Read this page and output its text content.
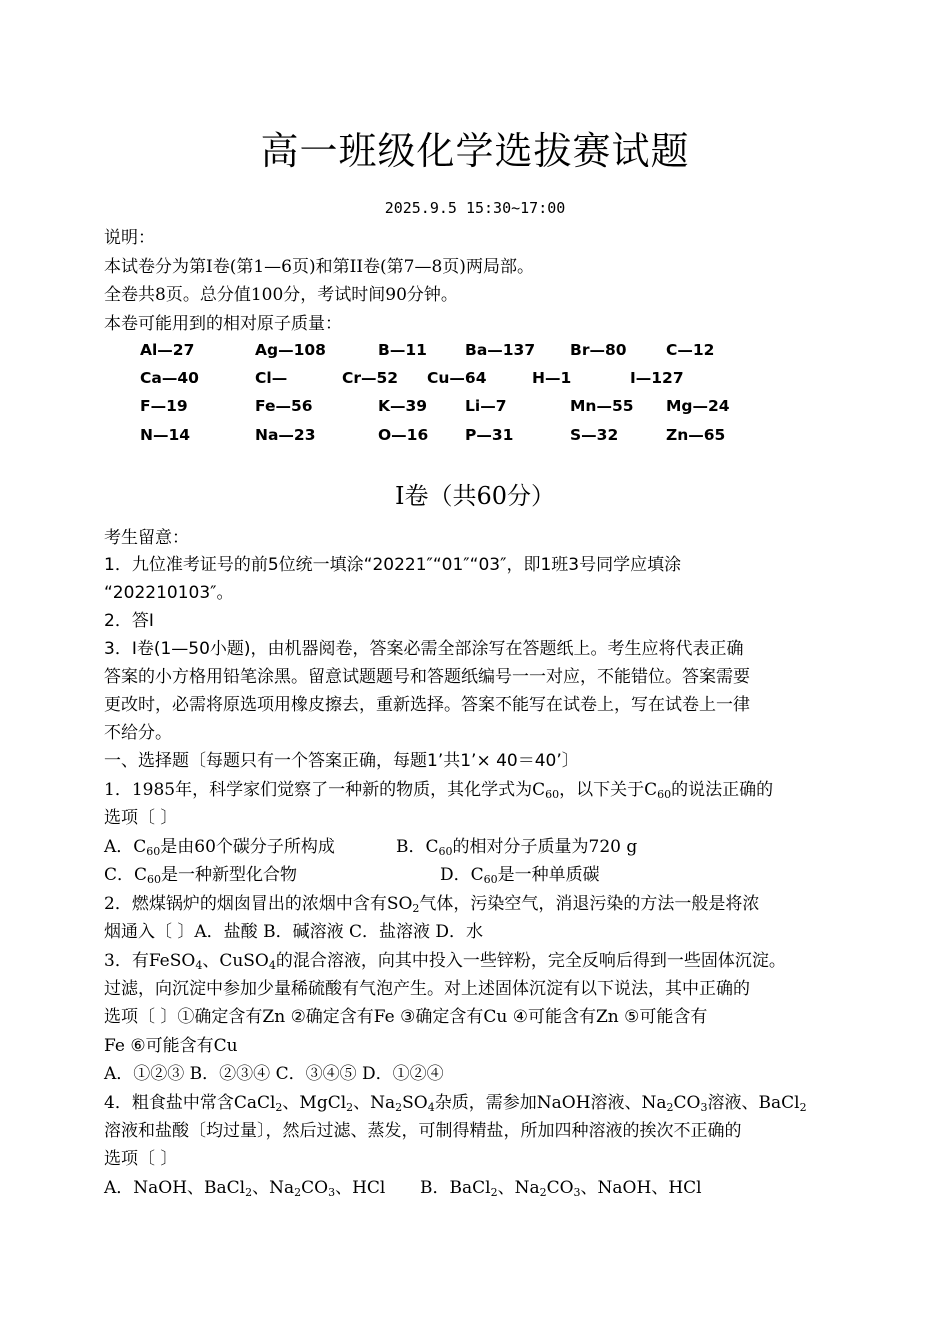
高一班级化学选拔赛试题
2025.9.5 15:30~17:00
说明：
本试卷分为第I卷(第1—6页)和第II卷(第7—8页)两局部。
全卷共8页。总分值100分，考试时间90分钟。
本卷可能用到的相对原子质量：
Al—27	Ag—108	B—11 Ba—137 Br—80	C—12
Ca—40	Cl—	Cr—52 Cu—64	H—1	I—127
F—19	Fe—56	K—39 Li—7	Mn—55 Mg—24
N—14	Na—23	O—16 P—31	S—32	Zn—65
I卷（共60分）
考生留意：
1．九位准考证号的前5位统一填涂“20221″“01″“03″，即1班3号同学应填涂
“202210103″。
2．答Ⅰ
3．Ⅰ卷(1—50小题)，由机器阅卷，答案必需全部涂写在答题纸上。考生应将代表正确
答案的小方格用铅笔涂黑。留意试题题号和答题纸编号一一对应，不能错位。答案需要
更改时，必需将原选项用橡皮擦去，重新选择。答案不能写在试卷上，写在试卷上一律
不给分。
一、选择题〔每题只有一个答案正确，每题1’共1’× 40＝40’〕
1．1985年，科学家们觉察了一种新的物质，其化学式为$C_{60}$，以下关于$C_{60}$的说法正确的
选项〔 〕
A．$C_{60}$是由60个碳分子所构成	B．$C_{60}$的相对分子质量为720 g
C．$C_{60}$是一种新型化合物	D．$C_{60}$是一种单质碳
2．燃煤锅炉的烟囱冒出的浓烟中含有$SO_2$气体，污染空气，消退污染的方法一般是将浓
烟通入〔 〕A．盐酸 B．碱溶液 C．盐溶液 D．水
3．有FeSO$_4$、CuSO$_4$的混合溶液，向其中投入一些锌粉，完全反响后得到一些固体沉淀。
过滤，向沉淀中参加少量稀硫酸有气泡产生。对上述固体沉淀有以下说法，其中正确的
选项〔 〕①确定含有Zn ②确定含有Fe ③确定含有Cu ④可能含有Zn ⑤可能含有
Fe ⑥可能含有Cu
A．①②③ B．②③④ C．③④⑤ D．①②④
4．粗食盐中常含CaCl$_2$、MgCl$_2$、$Na_2SO_4$杂质，需参加NaOH溶液、$Na_2CO_3$溶液、BaCl$_2$
溶液和盐酸〔均过量〕，然后过滤、蒸发，可制得精盐，所加四种溶液的挨次不正确的
选项〔 〕
A．NaOH、BaCl$_2$、$Na_2CO_3$、HCl B．BaCl$_2$、$Na_2CO_3$、NaOH、HCl
